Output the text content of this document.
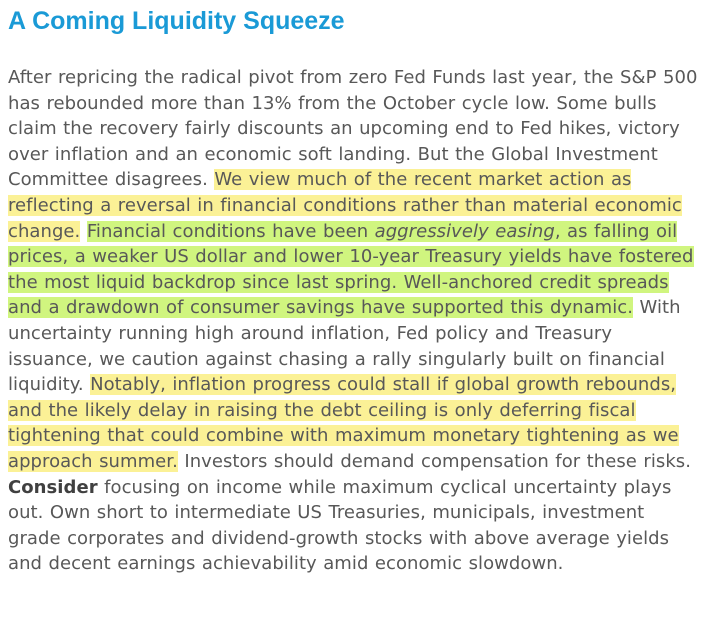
A Coming Liquidity Squeeze

After repricing the radical pivot from zero Fed Funds last year, the S&P 500 has rebounded more than 13% from the October cycle low. Some bulls claim the recovery fairly discounts an upcoming end to Fed hikes, victory over inflation and an economic soft landing. But the Global Investment Committee disagrees. We view much of the recent market action as reflecting a reversal in financial conditions rather than material economic change. Financial conditions have been aggressively easing, as falling oil prices, a weaker US dollar and lower 10-year Treasury yields have fostered the most liquid backdrop since last spring. Well-anchored credit spreads and a drawdown of consumer savings have supported this dynamic. With uncertainty running high around inflation, Fed policy and Treasury issuance, we caution against chasing a rally singularly built on financial liquidity. Notably, inflation progress could stall if global growth rebounds, and the likely delay in raising the debt ceiling is only deferring fiscal tightening that could combine with maximum monetary tightening as we approach summer. Investors should demand compensation for these risks. Consider focusing on income while maximum cyclical uncertainty plays out. Own short to intermediate US Treasuries, municipals, investment grade corporates and dividend-growth stocks with above average yields and decent earnings achievability amid economic slowdown.
